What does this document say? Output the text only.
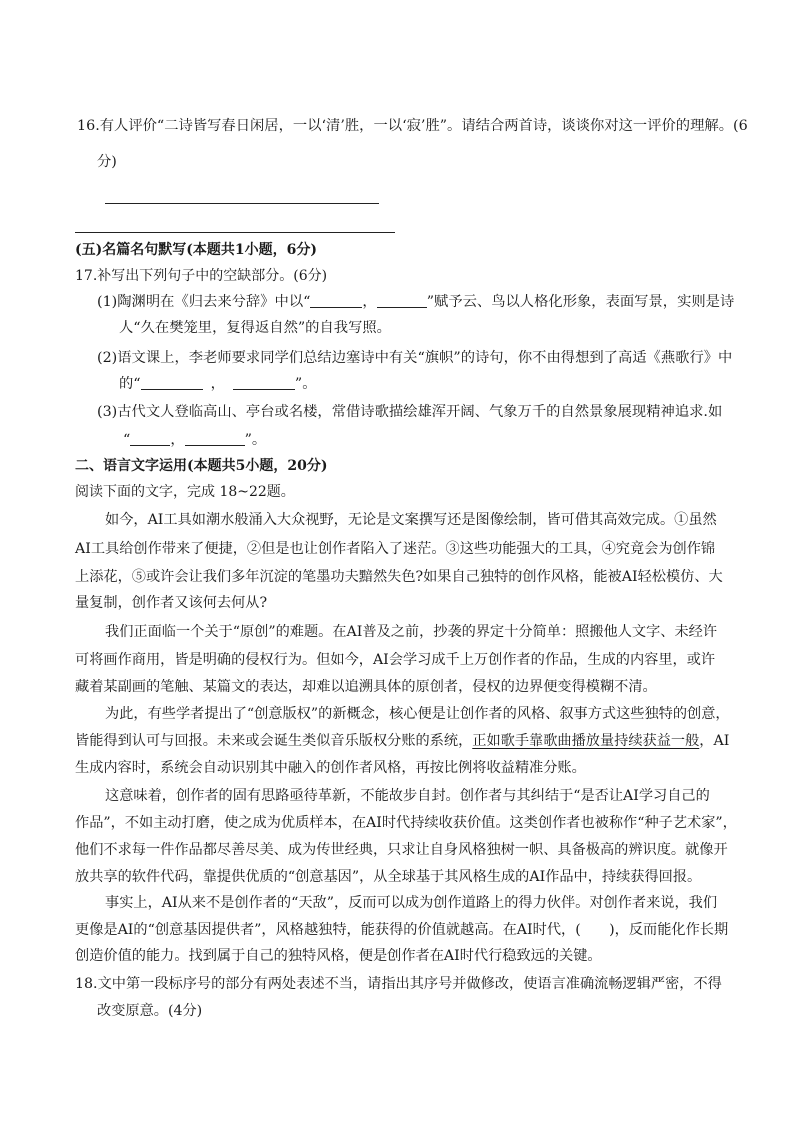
16.有人评价“二诗皆写春日闲居，一以‘清’胜，一以‘寂’胜”。请结合两首诗，谈谈你对这一评价的理解。(6
分)
(五)名篇名句默写(本题共1小题，6分)
17.补写出下列句子中的空缺部分。(6分)
(1)陶渊明在《归去来兮辞》中以“	，	”赋予云、鸟以人格化形象，表面写景，实则是诗
人“久在樊笼里，复得返自然”的自我写照。
(2)语文课上，李老师要求同学们总结边塞诗中有关“旗帜”的诗句，你不由得想到了高适《燕歌行》中
的“	，	”。
(3)古代文人登临高山、亭台或名楼，常借诗歌描绘雄浑开阔、气象万千的自然景象展现精神追求.如
“	，	”。
二、语言文字运用(本题共5小题，20分)
阅读下面的文字，完成 18~22题。
如今，AI工具如潮水般涌入大众视野，无论是文案撰写还是图像绘制，皆可借其高效完成。①虽然
AI工具给创作带来了便捷，②但是也让创作者陷入了迷茫。③这些功能强大的工具，④究竟会为创作锦
上添花，⑤或许会让我们多年沉淀的笔墨功夫黯然失色?如果自己独特的创作风格，能被AI轻松模仿、大
量复制，创作者又该何去何从?
我们正面临一个关于“原创”的难题。在AI普及之前，抄袭的界定十分简单：照搬他人文字、未经许
可将画作商用，皆是明确的侵权行为。但如今，AI会学习成千上万创作者的作品，生成的内容里，或许
藏着某副画的笔触、某篇文的表达，却难以追溯具体的原创者，侵权的边界便变得模糊不清。
为此，有些学者提出了“创意版权”的新概念，核心便是让创作者的风格、叙事方式这些独特的创意，
皆能得到认可与回报。未来或会诞生类似音乐版权分账的系统，正如歌手靠歌曲播放量持续获益一般，AI
生成内容时，系统会自动识别其中融入的创作者风格，再按比例将收益精准分账。
这意味着，创作者的固有思路亟待革新，不能故步自封。创作者与其纠结于“是否让AI学习自己的
作品”，不如主动打磨，使之成为优质样本，在AI时代持续收获价值。这类创作者也被称作“种子艺术家”，
他们不求每一件作品都尽善尽美、成为传世经典，只求让自身风格独树一帜、具备极高的辨识度。就像开
放共享的软件代码，靠提供优质的“创意基因”，从全球基于其风格生成的AI作品中，持续获得回报。
事实上，AI从来不是创作者的“天敌”，反而可以成为创作道路上的得力伙伴。对创作者来说，我们
更像是AI的“创意基因提供者”，风格越独特，能获得的价值就越高。在AI时代，(　　)，反而能化作长期
创造价值的能力。找到属于自己的独特风格，便是创作者在AI时代行稳致远的关键。
18.文中第一段标序号的部分有两处表述不当，请指出其序号并做修改，使语言准确流畅逻辑严密，不得
改变原意。(4分)
